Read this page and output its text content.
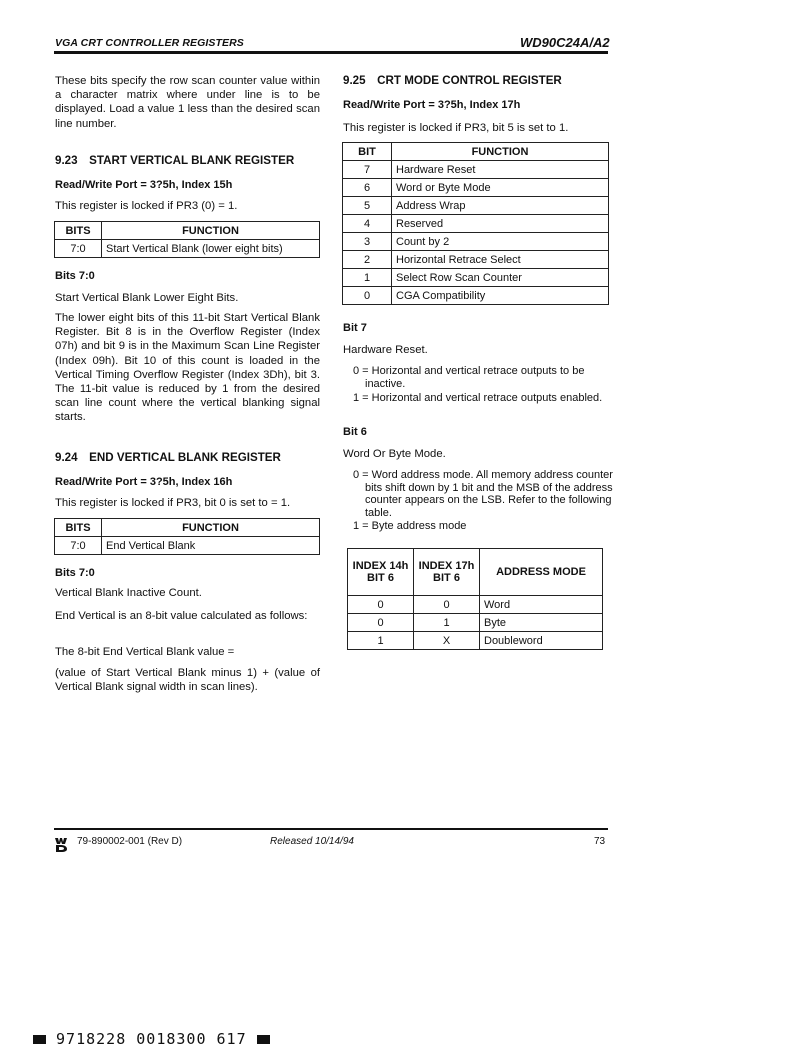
VGA CRT CONTROLLER REGISTERS	WD90C24A/A2
These bits specify the row scan counter value within a character matrix where under line is to be displayed. Load a value 1 less than the desired scan line number.
9.23 START VERTICAL BLANK REGISTER
Read/Write Port = 3?5h, Index 15h
This register is locked if PR3 (0) = 1.
BITS	FUNCTION
7:0	Start Vertical Blank (lower eight bits)
Bits 7:0
Start Vertical Blank Lower Eight Bits.
The lower eight bits of this 11-bit Start Vertical Blank Register. Bit 8 is in the Overflow Register (Index 07h) and bit 9 is in the Maximum Scan Line Register (Index 09h). Bit 10 of this count is loaded in the Vertical Timing Overflow Register (Index 3Dh), bit 3. The 11-bit value is reduced by 1 from the desired scan line count where the vertical blanking signal starts.
9.24 END VERTICAL BLANK REGISTER
Read/Write Port = 3?5h, Index 16h
This register is locked if PR3, bit 0 is set to = 1.
BITS	FUNCTION
7:0	End Vertical Blank
Bits 7:0
Vertical Blank Inactive Count.
End Vertical is an 8-bit value calculated as follows:
The 8-bit End Vertical Blank value =
(value of Start Vertical Blank minus 1) + (value of Vertical Blank signal width in scan lines).
9.25 CRT MODE CONTROL REGISTER
Read/Write Port = 3?5h, Index 17h
This register is locked if PR3, bit 5 is set to 1.
BIT	FUNCTION
7	Hardware Reset
6	Word or Byte Mode
5	Address Wrap
4	Reserved
3	Count by 2
2	Horizontal Retrace Select
1	Select Row Scan Counter
0	CGA Compatibility
Bit 7
Hardware Reset.
0 = Horizontal and vertical retrace outputs to be inactive.
1 = Horizontal and vertical retrace outputs enabled.
Bit 6
Word Or Byte Mode.
0 = Word address mode. All memory address counter bits shift down by 1 bit and the MSB of the address counter appears on the LSB. Refer to the following table.
1 = Byte address mode
INDEX 14h BIT 6	INDEX 17h BIT 6	ADDRESS MODE
0	0	Word
0	1	Byte
1	X	Doubleword
79-890002-001 (Rev D)	Released 10/14/94	73
9718228 0018300 617
